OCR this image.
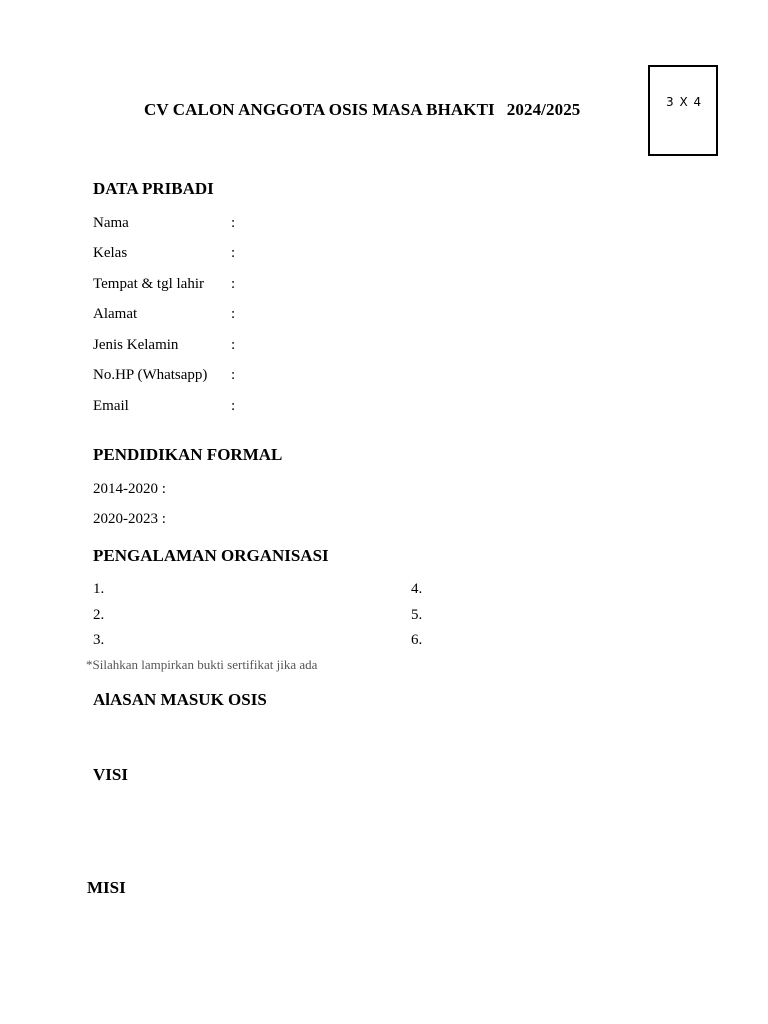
CV CALON ANGGOTA OSIS MASA BHAKTI 2024/2025	3 X 4
DATA PRIBADI
Nama	:
Kelas	:
Tempat & tgl lahir :
Alamat	:
Jenis Kelamin	:
No.HP (Whatsapp) :
Email	:
PENDIDIKAN FORMAL
2014-2020 :
2020-2023 :
PENGALAMAN ORGANISASI
1.
2.
3.
4.
5.
6.
*Silahkan lampirkan bukti sertifikat jika ada
AlASAN MASUK OSIS
VISI
MISI
